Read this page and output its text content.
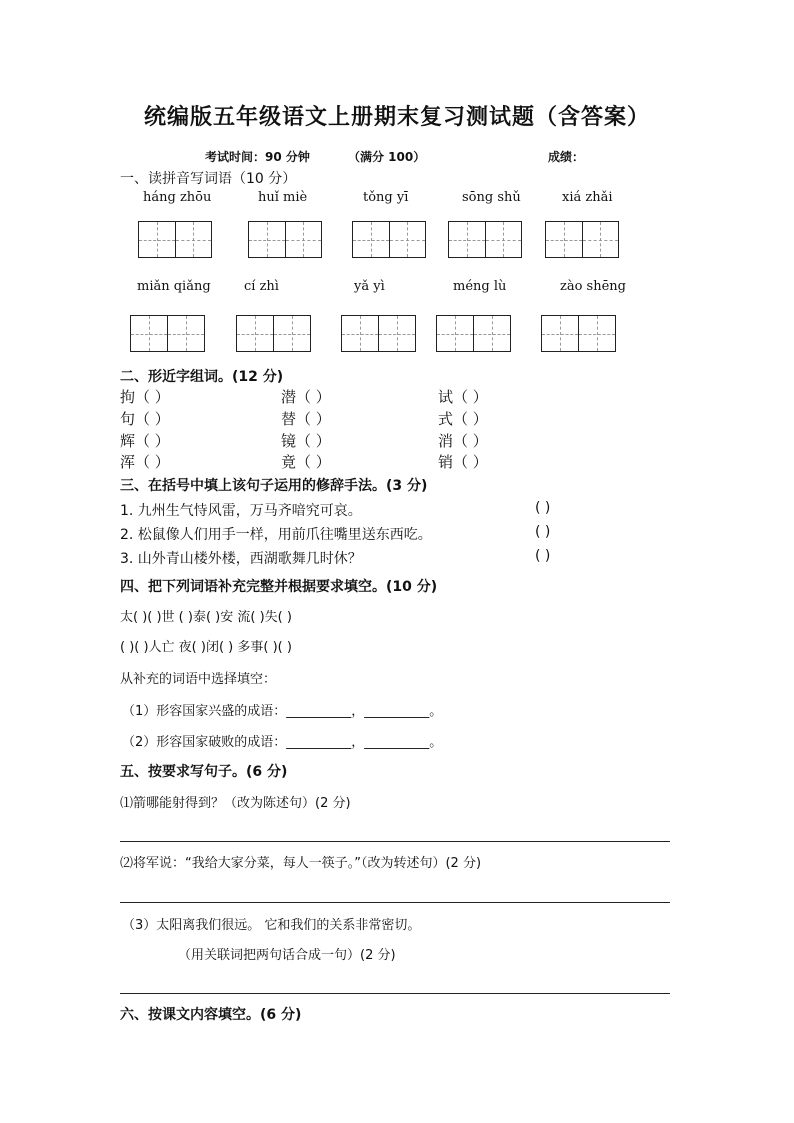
统编版五年级语文上册期末复习测试题（含答案）
考试时间：90 分钟	（满分 100）	成绩：
一、读拼音写词语（10 分）
háng zhōu	huǐ miè	tǒng yī	sōng shǔ	xiá zhǎi
miǎn qiǎng	cí zhì	yǎ yì	méng lù	zào shēng
二、形近字组词。(12 分)
拘（ ）	潜（ ）	试（ ）
句（ ）	替（ ）	式（ ）
辉（ ）	镜（ ）	消（ ）
浑（ ）	竟（ ）	销（ ）
三、在括号中填上该句子运用的修辞手法。(3 分)
1. 九州生气恃风雷，万马齐喑究可哀。	( )
2. 松鼠像人们用手一样，用前爪往嘴里送东西吃。	( )
3. 山外青山楼外楼，西湖歌舞几时休？	( )
四、把下列词语补充完整并根据要求填空。(10 分)
太( )( )世 ( )泰( )安 流( )失( )
( )( )人亡 夜( )闭( ) 多事( )( )
从补充的词语中选择填空：
（1）形容国家兴盛的成语：__________，__________。
（2）形容国家破败的成语：__________，__________。
五、按要求写句子。(6 分)
⑴箭哪能射得到？（改为陈述句）(2 分)
⑵将军说：“我给大家分菜，每人一筷子。”（改为转述句）(2 分)
（3）太阳离我们很远。 它和我们的关系非常密切。
（用关联词把两句话合成一句）(2 分)
六、按课文内容填空。(6 分)
